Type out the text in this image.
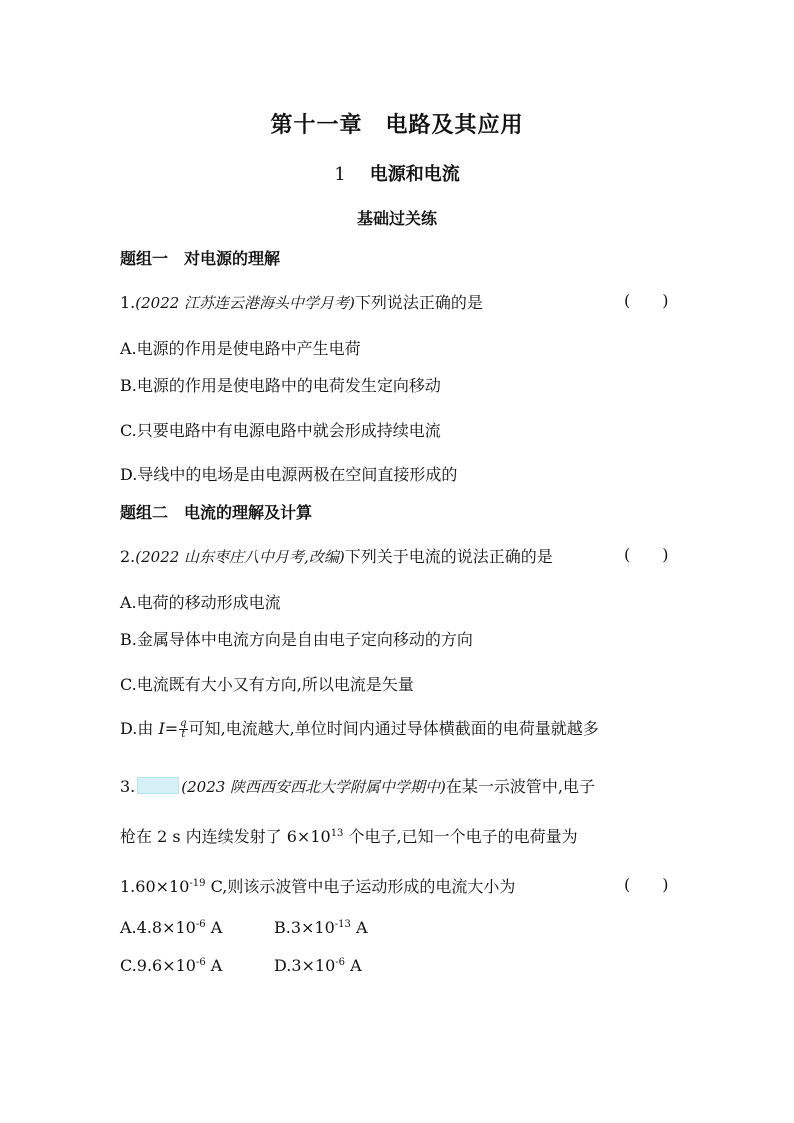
第十一章　电路及其应用
1 电源和电流
基础过关练
题组一　对电源的理解
1.(2022 江苏连云港海头中学月考)下列说法正确的是	(　　)
A.电源的作用是使电路中产生电荷
B.电源的作用是使电路中的电荷发生定向移动
C.只要电路中有电源电路中就会形成持续电流
D.导线中的电场是由电源两极在空间直接形成的
题组二　电流的理解及计算
2.(2022 山东枣庄八中月考,改编)下列关于电流的说法正确的是	(　　)
A.电荷的移动形成电流
B.金属导体中电流方向是自由电子定向移动的方向
C.电流既有大小又有方向,所以电流是矢量
D.由 $I= \frac{q}{t}$ 可知,电流越大,单位时间内通过导体横截面的电荷量就越多
3.	(2023 陕西西安西北大学附属中学期中)在某一示波管中,电子
枪在 2 s 内连续发射了 $6\times 10^{13}$ 个电子,已知一个电子的电荷量为
$1.60\times 10^{-19}$ C,则该示波管中电子运动形成的电流大小为	(　　)
$A.4.8\times 10^{-6}$ A	$B.3\times 10^{-13}$ A
$C.9.6\times 10^{-6}$ A	$D.3\times 10^{-6}$ A
